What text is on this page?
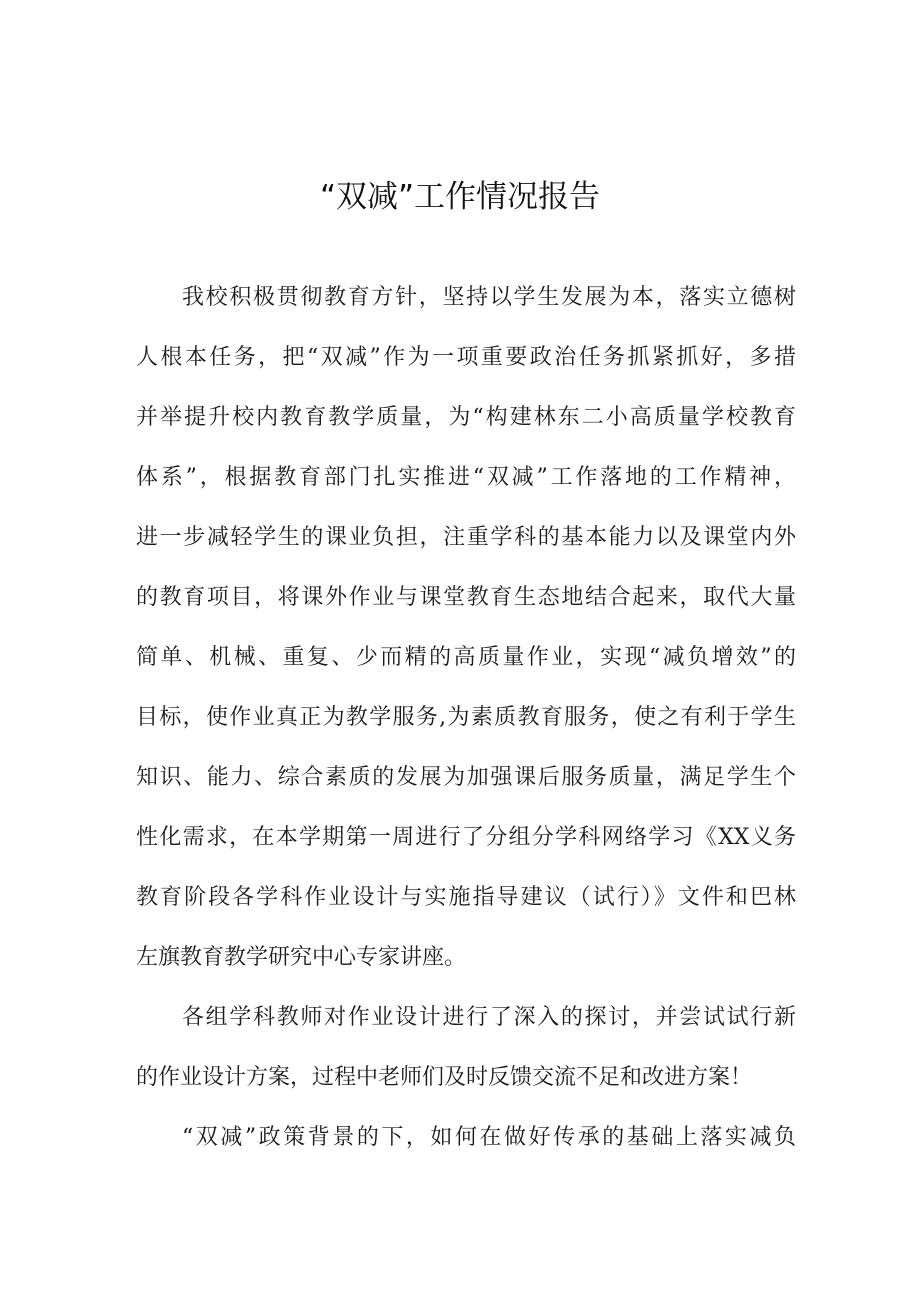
“双减”工作情况报告
我校积极贯彻教育方针，坚持以学生发展为本，落实立德树
人根本任务，把“双减”作为一项重要政治任务抓紧抓好，多措
并举提升校内教育教学质量，为“构建林东二小高质量学校教育
体系”，根据教育部门扎实推进“双减”工作落地的工作精神，
进一步减轻学生的课业负担，注重学科的基本能力以及课堂内外
的教育项目，将课外作业与课堂教育生态地结合起来，取代大量
简单、机械、重复、少而精的高质量作业，实现“减负增效”的
目标，使作业真正为教学服务,为素质教育服务，使之有利于学生
知识、能力、综合素质的发展为加强课后服务质量，满足学生个
性化需求，在本学期第一周进行了分组分学科网络学习《XX义务
教育阶段各学科作业设计与实施指导建议（试行）》文件和巴林
左旗教育教学研究中心专家讲座。
各组学科教师对作业设计进行了深入的探讨，并尝试试行新
的作业设计方案，过程中老师们及时反馈交流不足和改进方案！
“双减”政策背景的下，如何在做好传承的基础上落实减负
